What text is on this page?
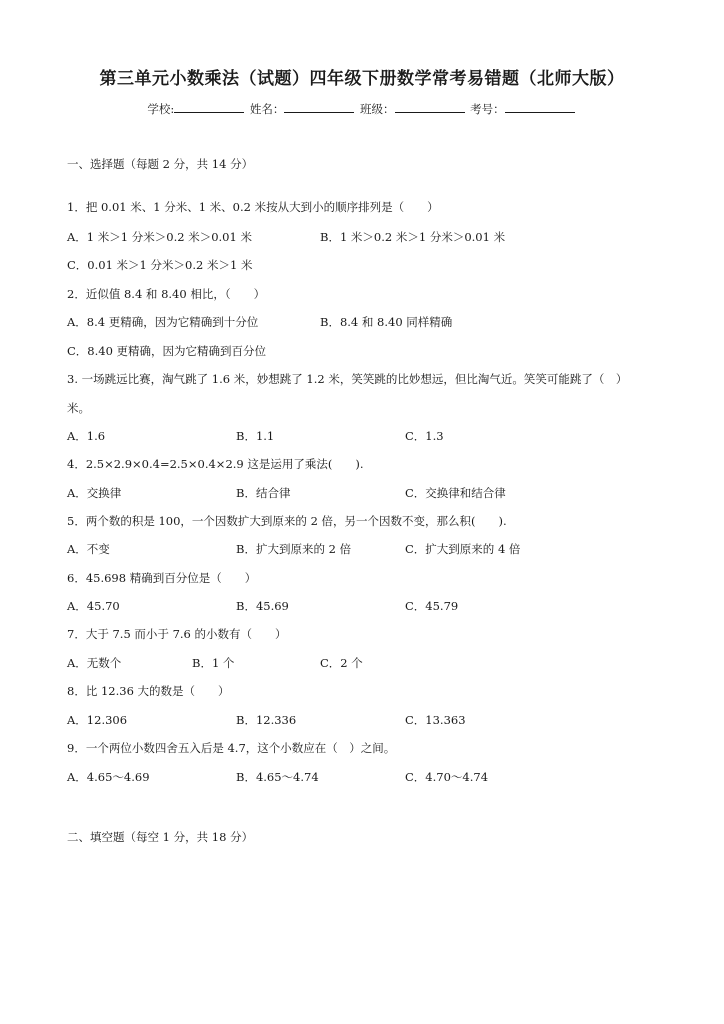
第三单元小数乘法（试题）四年级下册数学常考易错题（北师大版）
学校:	姓名：	班级：	考号：
一、选择题（每题 2 分，共 14 分）
1．把 0.01 米、1 分米、1 米、0.2 米按从大到小的顺序排列是（　　）
A．1 米＞1 分米＞0.2 米＞0.01 米	B．1 米＞0.2 米＞1 分米＞0.01 米
C．0.01 米＞1 分米＞0.2 米＞1 米
2．近似值 8.4 和 8.40 相比，（　　）
A．8.4 更精确，因为它精确到十分位	B．8.4 和 8.40 同样精确
C．8.40 更精确，因为它精确到百分位
3. 一场跳远比赛，淘气跳了 1.6 米，妙想跳了 1.2 米，笑笑跳的比妙想远，但比淘气近。笑笑可能跳了（　）
米。
A．1.6	B．1.1	C．1.3
4．2.5×2.9×0.4=2.5×0.4×2.9 这是运用了乘法(　　).
A．交换律	B．结合律	C．交换律和结合律
5．两个数的积是 100，一个因数扩大到原来的 2 倍，另一个因数不变，那么积(　　).
A．不变	B．扩大到原来的 2 倍	C．扩大到原来的 4 倍
6．45.698 精确到百分位是（　　）
A．45.70	B．45.69	C．45.79
7．大于 7.5 而小于 7.6 的小数有（　　）
A．无数个	B．1 个	C．2 个
8．比 12.36 大的数是（　　）
A．12.306	B．12.336	C．13.363
9．一个两位小数四舍五入后是 4.7，这个小数应在（　）之间。
A．4.65～4.69	B．4.65～4.74	C．4.70～4.74
二、填空题（每空 1 分，共 18 分）
